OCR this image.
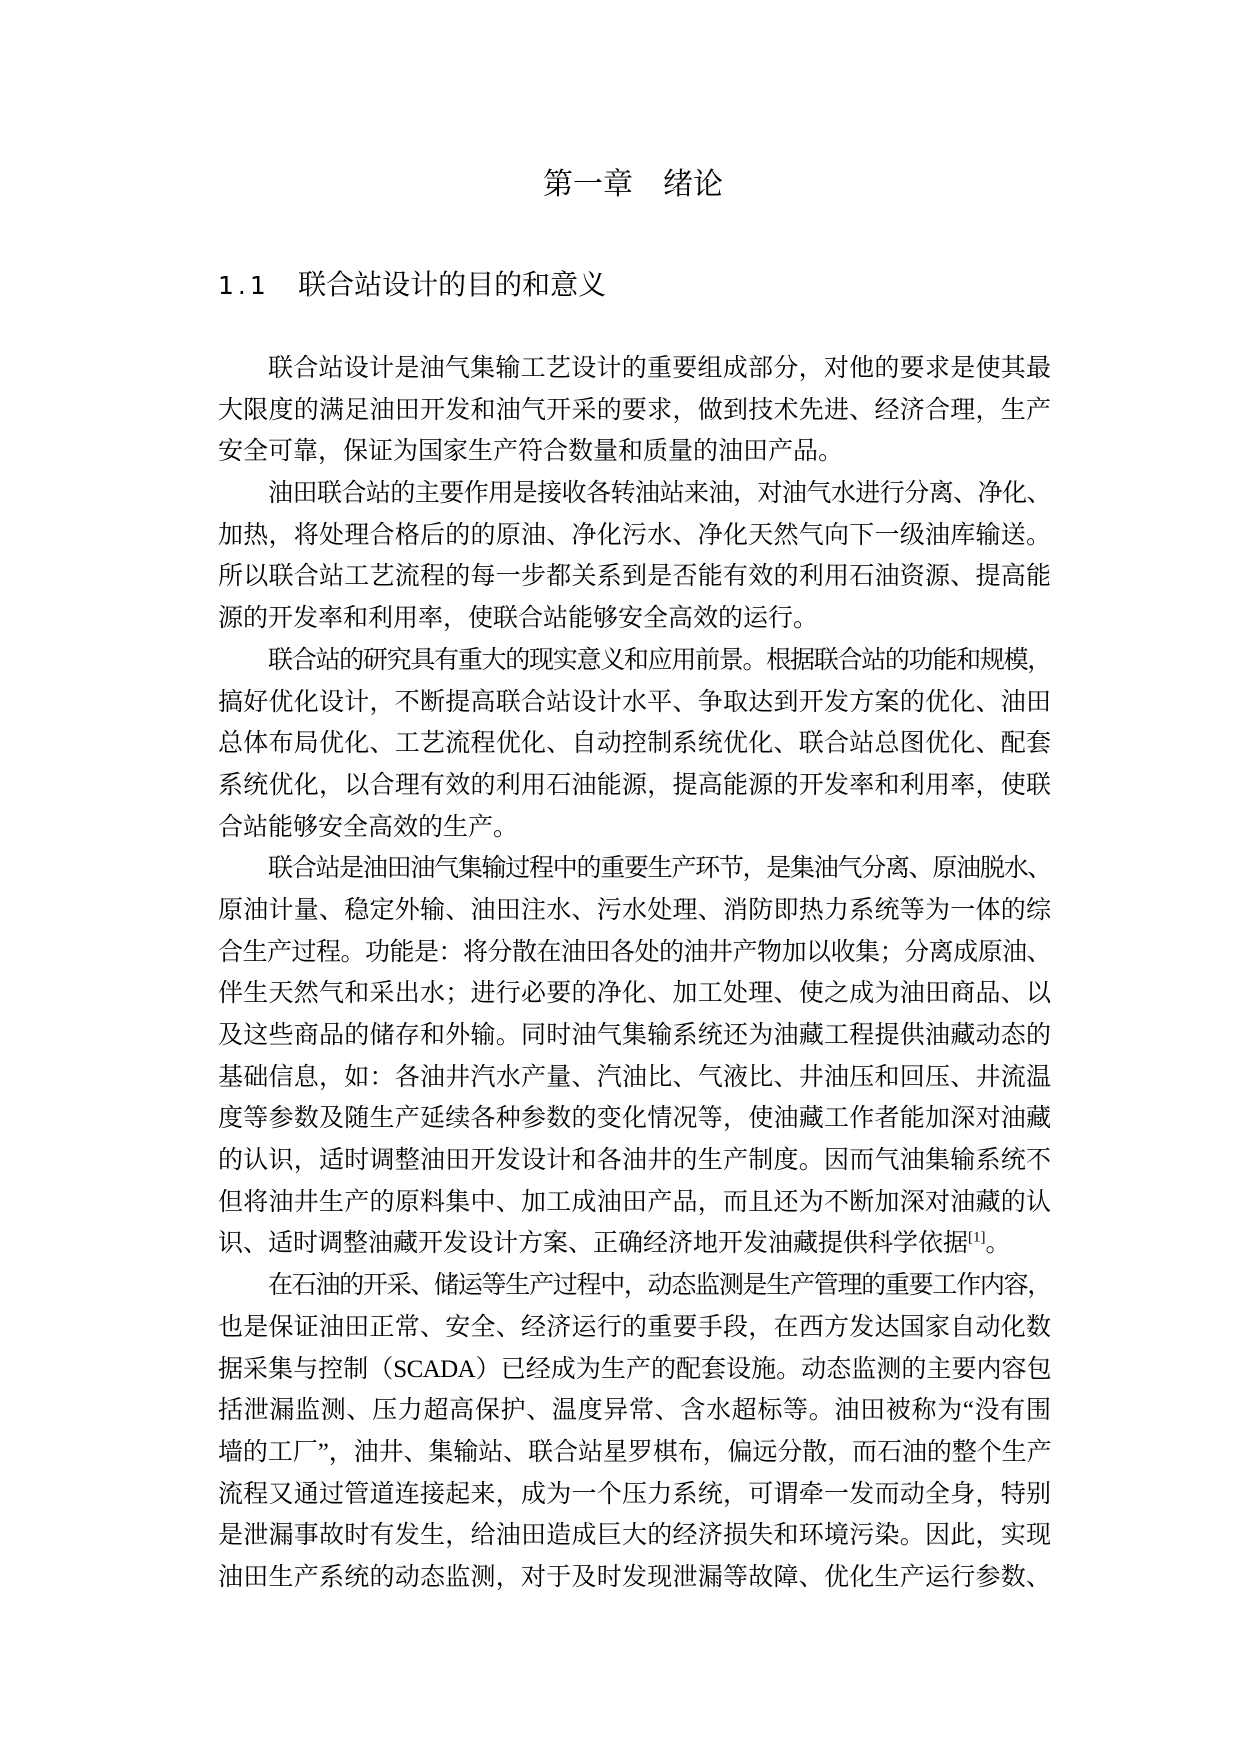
第一章　绪论
1.1 联合站设计的目的和意义
联合站设计是油气集输工艺设计的重要组成部分，对他的要求是使其最
大限度的满足油田开发和油气开采的要求，做到技术先进、经济合理，生产
安全可靠，保证为国家生产符合数量和质量的油田产品。
油田联合站的主要作用是接收各转油站来油，对油气水进行分离、净化、
加热，将处理合格后的的原油、净化污水、净化天然气向下一级油库输送。
所以联合站工艺流程的每一步都关系到是否能有效的利用石油资源、提高能
源的开发率和利用率，使联合站能够安全高效的运行。
联合站的研究具有重大的现实意义和应用前景。根据联合站的功能和规模，
搞好优化设计，不断提高联合站设计水平、争取达到开发方案的优化、油田
总体布局优化、工艺流程优化、自动控制系统优化、联合站总图优化、配套
系统优化，以合理有效的利用石油能源，提高能源的开发率和利用率，使联
合站能够安全高效的生产。
联合站是油田油气集输过程中的重要生产环节，是集油气分离、原油脱水、
原油计量、稳定外输、油田注水、污水处理、消防即热力系统等为一体的综
合生产过程。功能是：将分散在油田各处的油井产物加以收集；分离成原油、
伴生天然气和采出水；进行必要的净化、加工处理、使之成为油田商品、以
及这些商品的储存和外输。同时油气集输系统还为油藏工程提供油藏动态的
基础信息，如：各油井汽水产量、汽油比、气液比、井油压和回压、井流温
度等参数及随生产延续各种参数的变化情况等，使油藏工作者能加深对油藏
的认识，适时调整油田开发设计和各油井的生产制度。因而气油集输系统不
但将油井生产的原料集中、加工成油田产品，而且还为不断加深对油藏的认
识、适时调整油藏开发设计方案、正确经济地开发油藏提供科学依据[1]。
在石油的开采、储运等生产过程中，动态监测是生产管理的重要工作内容，
也是保证油田正常、安全、经济运行的重要手段，在西方发达国家自动化数
据采集与控制（SCADA）已经成为生产的配套设施。动态监测的主要内容包
括泄漏监测、压力超高保护、温度异常、含水超标等。油田被称为“没有围
墙的工厂”，油井、集输站、联合站星罗棋布，偏远分散，而石油的整个生产
流程又通过管道连接起来，成为一个压力系统，可谓牵一发而动全身，特别
是泄漏事故时有发生，给油田造成巨大的经济损失和环境污染。因此，实现
油田生产系统的动态监测，对于及时发现泄漏等故障、优化生产运行参数、
